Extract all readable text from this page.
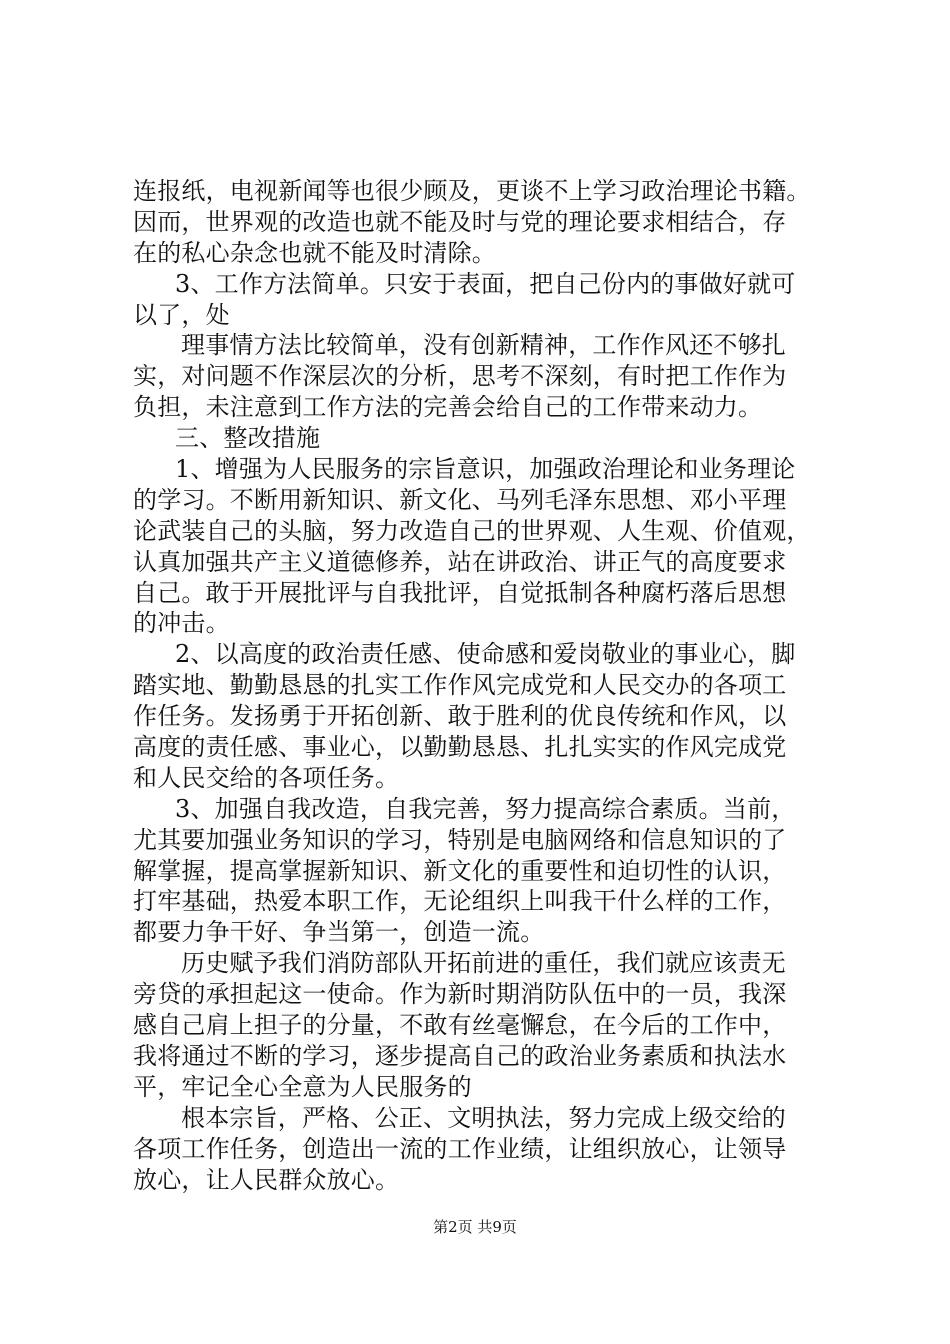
连报纸，电视新闻等也很少顾及，更谈不上学习政治理论书籍。
因而，世界观的改造也就不能及时与党的理论要求相结合，存
在的私心杂念也就不能及时清除。
3、工作方法简单。只安于表面，把自己份内的事做好就可
以了，处
理事情方法比较简单，没有创新精神，工作作风还不够扎
实，对问题不作深层次的分析，思考不深刻，有时把工作作为
负担，未注意到工作方法的完善会给自己的工作带来动力。
三、整改措施
1、增强为人民服务的宗旨意识，加强政治理论和业务理论
的学习。不断用新知识、新文化、马列毛泽东思想、邓小平理
论武装自己的头脑，努力改造自己的世界观、人生观、价值观，
认真加强共产主义道德修养，站在讲政治、讲正气的高度要求
自己。敢于开展批评与自我批评，自觉抵制各种腐朽落后思想
的冲击。
2、以高度的政治责任感、使命感和爱岗敬业的事业心，脚
踏实地、勤勤恳恳的扎实工作作风完成党和人民交办的各项工
作任务。发扬勇于开拓创新、敢于胜利的优良传统和作风，以
高度的责任感、事业心，以勤勤恳恳、扎扎实实的作风完成党
和人民交给的各项任务。
3、加强自我改造，自我完善，努力提高综合素质。当前，
尤其要加强业务知识的学习，特别是电脑网络和信息知识的了
解掌握，提高掌握新知识、新文化的重要性和迫切性的认识，
打牢基础，热爱本职工作，无论组织上叫我干什么样的工作，
都要力争干好、争当第一，创造一流。
历史赋予我们消防部队开拓前进的重任，我们就应该责无
旁贷的承担起这一使命。作为新时期消防队伍中的一员，我深
感自己肩上担子的分量，不敢有丝毫懈怠，在今后的工作中，
我将通过不断的学习，逐步提高自己的政治业务素质和执法水
平，牢记全心全意为人民服务的
根本宗旨，严格、公正、文明执法，努力完成上级交给的
各项工作任务，创造出一流的工作业绩，让组织放心，让领导
放心，让人民群众放心。
第2页 共9页
